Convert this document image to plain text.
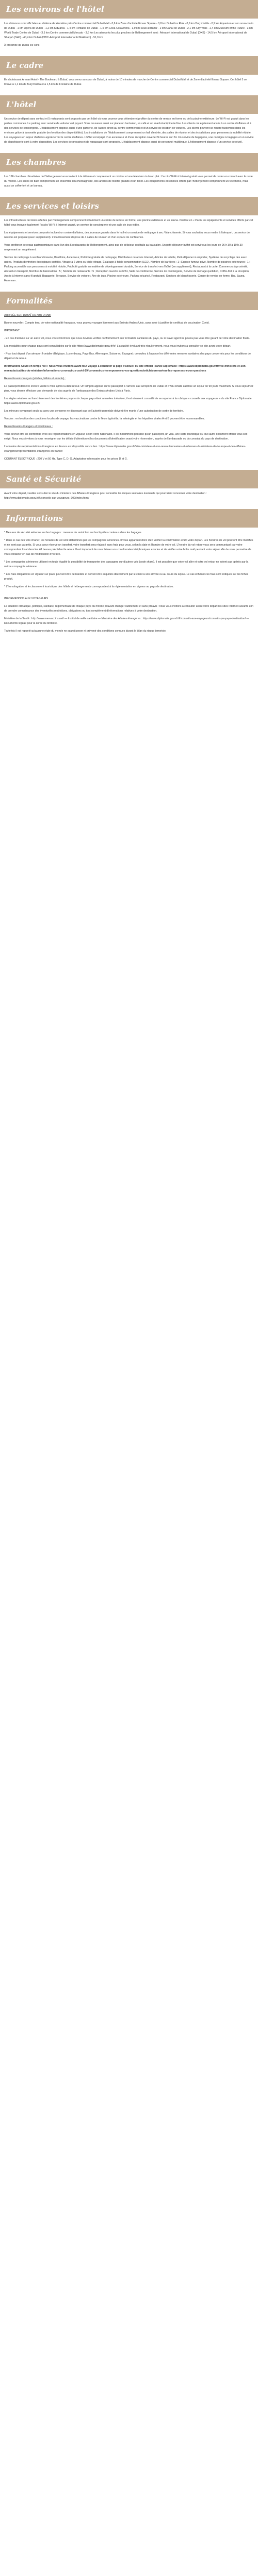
Les environs de l'hôtel

Les distances sont affichées au dixième de kilomètre près Centre commercial Dubai Mall - 0,6 km Zone d'activité Emaar Square - 0,8 km Dubai Ice Rink - 0,9 km Burj Khalifa - 0,9 km Aquarium et zoo sous-marin de Dubaï - 1 km Opéra de Dubaï - 1,2 km KidZania - 1,4 km Fontaine de Dubaï - 1,5 km Coca-Cola Arena - 1,9 km Souk al Bahar - 2 km Canal de Dubaï - 2,1 km City Walk - 2,4 km Museum of the Future - 3 km World Trade Centre de Dubaï - 3,5 km Centre commercial Mercato - 3,6 km Les aéroports les plus proches de l'hébergement sont : Aéroport international de Dubaï (DXB) - 14,5 km Aéroport international de Sharjah (SHJ) - 40,4 km Dubaï (DWC-Aéroport International Al Maktoum) - 51,9 km

À proximité de Dubai Ice Rink

Le cadre

En choisissant Armani Hotel - The Boulevard à Dubaï, vous serez au cœur de Dubaï, à moins de 10 minutes de marche de Centre commercial Dubai Mall et de Zone d'activité Emaar Square. Cet hôtel 5 se trouve à 1,1 km de Burj Khalifa et à 1,5 km de Fontaine de Dubaï.

L'hôtel

Un service de départ sans contact et 5 restaurants sont proposés par cet hôtel où vous pourrez vous détendre et profiter du centre de remise en forme ou de la piscine extérieure. Le Wi-Fi est gratuit dans les parties communes. Le parking avec service de voiturier est payant. Vous trouverez aussi sur place un bar/salon, un café et un snack-bar/épicerie fine. Les clients ont également accès à un centre d'affaires et à des services de conciergerie. L'établissement dispose aussi d'une garderie, de l'accès direct au centre commercial et d'un service de location de voitures. Les clients peuvent se rendre facilement dans les environs grâce à la navette gratuite (en fonction des disponibilités). Les installations de l'établissement comprennent un hall d'entrée, des salles de réunion et des installations pour personnes à mobilité réduite. Les voyageurs en séjour d'affaires apprécieront le centre d'affaires. L'hôtel est équipé d'un ascenseur et d'une réception ouverte 24 heures sur 24. Un service de bagagerie, une consigne à bagages et un service de blanchisserie sont à votre disposition. Les services de pressing et de repassage sont proposés. L'établissement dispose aussi de personnel multilingue. L'hébergement dispose d'un service de réveil.

Les chambres

Les 196 chambres climatisées de l'hébergement vous invitent à la détente et comprennent un minibar et une télévision à écran plat. L'accès Wi-Fi à Internet gratuit vous permet de rester en contact avec le reste du monde. Les salles de bain comprennent un ensemble douche/baignoire, des articles de toilette gratuits et un bidet. Les équipements et services offerts par l'hébergement comprennent un téléphone, mais aussi un coffre-fort et un bureau.

Les services et loisirs

Les infrastructures de loisirs offertes par l'hébergement comprennent notamment un centre de remise en forme, une piscine extérieure et un sauna. Profitez en « Parmi les équipements et services offerts par cet hôtel vous trouvez également l'accès Wi-Fi à Internet gratuit, un service de conciergerie et une salle de jeux vidéo.

Les équipements et services proposés incluent un centre d'affaires, des journaux gratuits dans le hall et un service de nettoyage à sec / blanchisserie. Si vous souhaitez vous rendre à l'aéroport, un service de navette est proposé (avec supplément). L'établissement dispose de 4 salles de réunion et d'un espace de conférence.

Vous profiterez de repas gastronomiques dans l'un des 5 restaurants de l'hébergement, ainsi que de délicieux cocktails au bar/salon. Un petit-déjeuner buffet est servi tous les jours de 06 h 30 à 10 h 30 moyennant un supplément.

Service de nettoyage à sec/blanchisserie, Bouilloire, Ascenseur, Publicité gratuite de nettoyage, Distributeur ou accès Internet, Articles de toilette, Petit-déjeuner à emporter, Système de recyclage des eaux usées, Produits d'entretien écologiques certifiés, Vitrage à 2 vitres ou triple vitrage, Éclairage à faible consommation (LED), Nombre de barrières : 1 ; Espace fumeur privé, Nombre de piscines extérieures : 1 ; Parking accessible aux personnes à mobilité réduite, Publicité gratuite en matière de développement durable, Service de transfert vers l'hôtel (en supplément), Restaurant à la carte, Commerces à proximité, Accueil en transport, Nombre de bars/salons : 5 ; Nombre de restaurants : 5 ; Réception ouverte 24 h/24, Salle de conférence, Service de conciergerie, Service de ménage quotidien, Coffre-fort à la réception, Accès à Internet sans fil gratuit, Bagagerie, Terrasse, Service de voiturier, Aire de jeux, Piscine extérieure, Parking sécurisé, Restaurant, Services de blanchisserie, Centre de remise en forme, Bar, Sauna, Hammam.

Formalités

ARRIVÉE SUR DUBAÏ OU ABU DHABI

Bonne nouvelle : Compte tenu de votre nationalité française, vous pouvez voyager librement aux Émirats Arabes Unis, sans avoir à justifier de certificat de vaccination Covid.

IMPORTANT :

- En cas d'arrivée sur un autre vol, nous vous informons que nous devrons vérifier conformément aux formalités sanitaires du pays, ou le travel agent ne pourra pas vous être garant de votre destination finale.

Les modalités pour chaque pays sont consultables sur le site https://www.diplomatie.gouv.fr/fr/. L'actualité évoluant très régulièrement, nous vous invitons à consulter ce site avant votre départ.

- Pour tout départ d'un aéroport frontalier (Belgique, Luxembourg, Pays-Bas, Allemagne, Suisse ou Espagne), consultez à l'avance les différentes mesures sanitaires des pays concernés pour les conditions de départ et de retour.

Informations Covid en temps réel : Nous vous invitons avant tout voyage à consulter la page d'accueil du site officiel France Diplomatie : https://www.diplomatie.gouv.fr/fr/le-ministere-et-son-reseau/actualites-du-ministere/informations-coronavirus-covid-19/coronavirus-les-reponses-a-vos-questions/article/coronavirus-les-reponses-a-vos-questions

Ressortissants français (adultes, bébés et enfants) :

Le passeport doit être encore valide 6 mois après la date retour. Un tampon apposé sur le passeport à l'arrivée aux aéroports de Dubaï et d'Abu Dhabi autorise un séjour de 90 jours maximum. Si vous séjournez plus, vous devrez effectuer une demande de visa auprès de l'ambassade des Émirats Arabes Unis à Paris.

Les règles relatives au franchissement des frontières propres à chaque pays étant amenées à évoluer, il est vivement conseillé de se reporter à la rubrique « conseils aux voyageurs » du site France Diplomatie https://www.diplomatie.gouv.fr/

Les mineurs voyageant seuls ou avec une personne ne disposant pas de l'autorité parentale doivent être munis d'une autorisation de sortie de territoire.

Vaccins : en fonction des conditions locales de voyage, les vaccinations contre la fièvre typhoïde, la méningite et les hépatites virales A et B peuvent être recommandées.

Ressortissants étrangers et binationaux :

Vous devrez être en conformité avec les réglementations en vigueur, selon votre nationalité. Il est notamment possible qu'un passeport, un visa, une carte touristique ou tout autre document officiel vous soit exigé. Nous vous invitons à vous renseigner sur les délais d'obtention et les documents d'identification avant votre réservation, auprès de l'ambassade ou du consulat du pays de destination.

L'annuaire des représentations étrangères en France est disponible sur ce lien : https://www.diplomatie.gouv.fr/fr/le-ministere-et-son-reseau/annuaires-et-adresses-du-ministere-de-l-europe-et-des-affaires-etrangeres/representations-etrangeres-en-france/

COURANT ÉLECTRIQUE : 220 V et 50 Hz. Type C, D, G. Adaptateur nécessaire pour les prises D et G.

Santé et Sécurité

Avant votre départ, veuillez consulter le site du ministère des Affaires étrangères pour connaître les risques sanitaires éventuels qui pourraient concerner votre destination : http://www.diplomatie.gouv.fr/fr/conseils-aux-voyageurs_909/index.html/

Informations

* Mesures de sécurité aérienne sur les bagages : mesures de restriction sur les liquides contenus dans les bagages.

* Dans le cas des vols charter, les horaires de vol sont déterminés par les compagnies aériennes. Il vous appartient donc d'en vérifier la confirmation avant votre départ. Les horaires de vol pourront être modifiés et ne sont pas garantis. Si vous avez réservé un transfert, votre transfert sera réajusté sans frais pour vous, selon la date et l'horaire de votre vol. L'horaire du vol retour vous sera communiqué par votre correspondant local dans les 48 heures précédant le retour. Il est important de nous laisser vos coordonnées téléphoniques exactes et de vérifier votre boîte mail pendant votre séjour afin de nous permettre de vous contacter en cas de modification d'horaire.

* Les compagnies aériennes utilisent en toute légalité la possibilité de transporter des passagers sur d'autres vols (code share). Il est possible que votre vol aller et votre vol retour ne soient pas opérés par la même compagnie aérienne.

* Les frais obligatoires en vigueur sur place peuvent être demandés et doivent être acquittés directement par le client à son arrivée ou au cours du séjour. Le cas échéant ces frais sont indiqués sur les fiches produit.

* L'homologation et le classement touristique des hôtels et hébergements correspondent à la réglementation en vigueur au pays de destination.

INFORMATIONS AUX VOYAGEURS

La situation climatique, politique, sanitaire, réglementaire de chaque pays du monde pouvant changer subitement et sans préavis : nous vous invitons à consulter avant votre départ les sites Internet suivants afin de prendre connaissance des éventuelles restrictions, obligations ou tout complément d'informations relatives à votre destination.

Ministère de la Santé : http://www.mesvaccins.net/ — Institut de veille sanitaire — Ministère des Affaires étrangères : https://www.diplomatie.gouv.fr/fr/conseils-aux-voyageurs/conseils-par-pays-destination/ — Documents légaux pour la sortie du territoire.

Toutefois il est rappelé qu'aucune règle du monde ne saurait peser ni prévenir des conditions connues durant le bilan du risque terroriste.
